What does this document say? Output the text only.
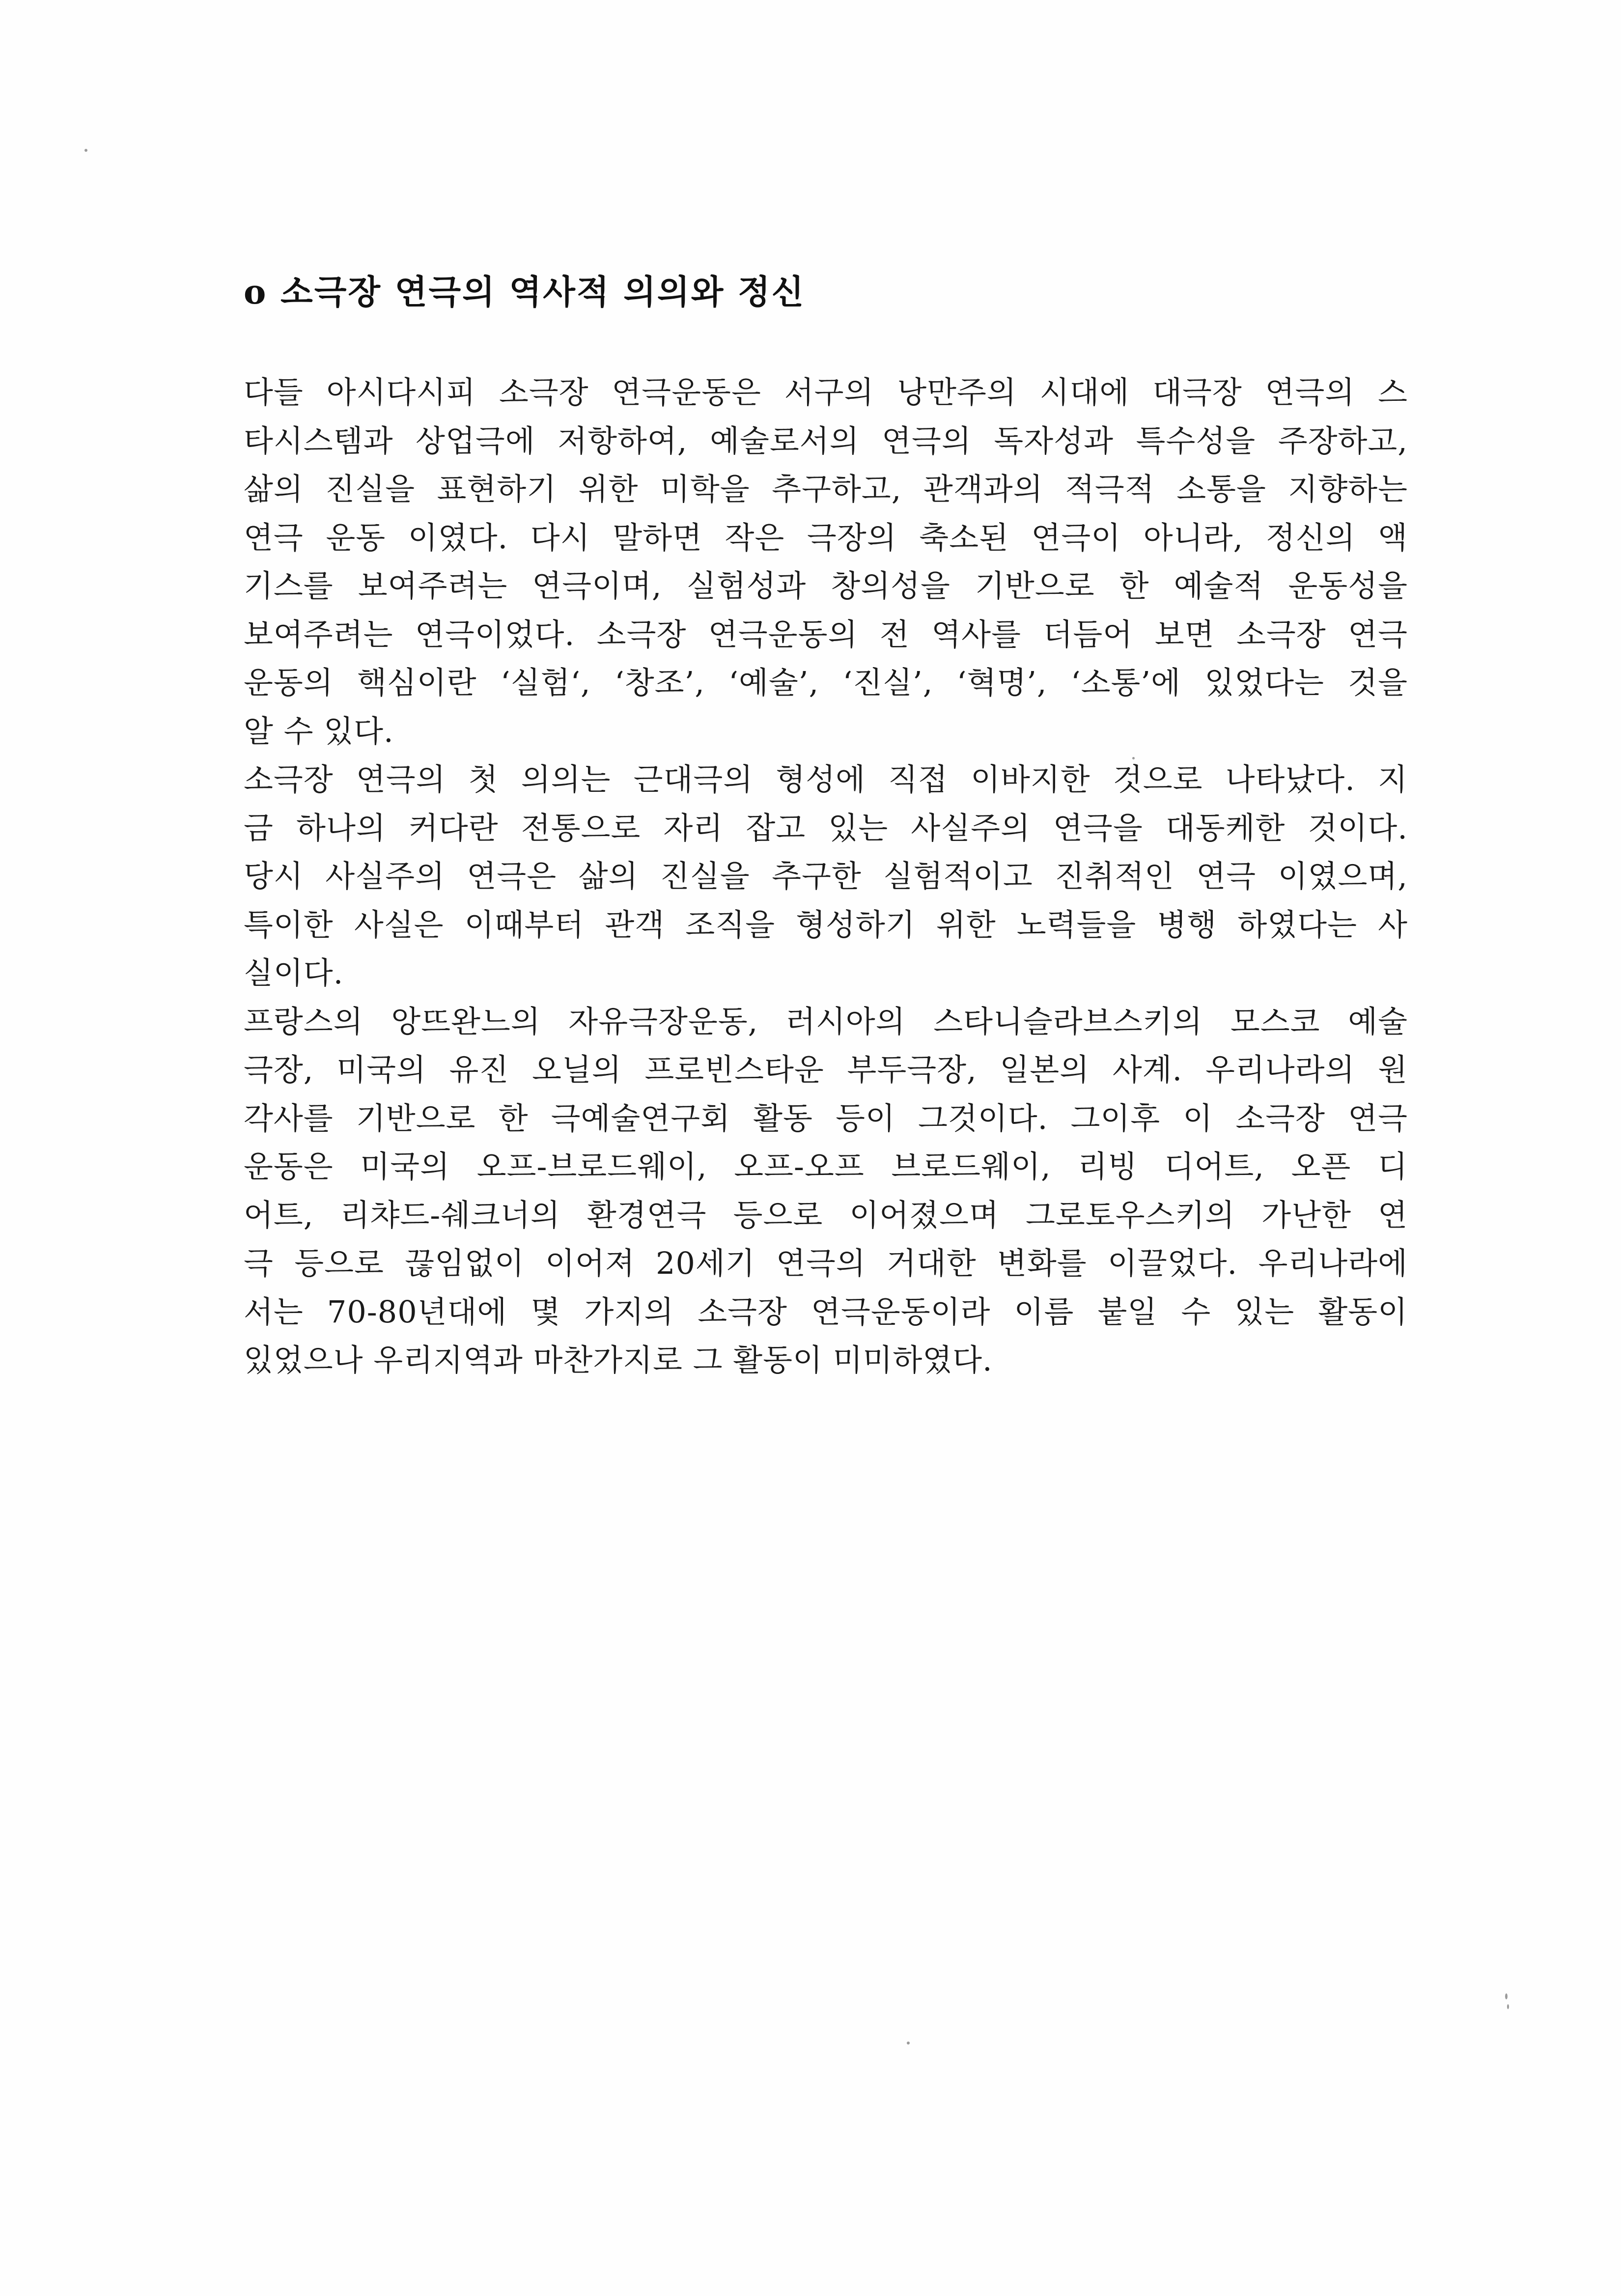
o 소극장 연극의 역사적 의의와 정신
다들 아시다시피 소극장 연극운동은 서구의 낭만주의 시대에 대극장 연극의 스
타시스템과 상업극에 저항하여, 예술로서의 연극의 독자성과 특수성을 주장하고,
삶의 진실을 표현하기 위한 미학을 추구하고, 관객과의 적극적 소통을 지향하는
연극 운동 이였다. 다시 말하면 작은 극장의 축소된 연극이 아니라, 정신의 액
기스를 보여주려는 연극이며, 실험성과 창의성을 기반으로 한 예술적 운동성을
보여주려는 연극이었다. 소극장 연극운동의 전 역사를 더듬어 보면 소극장 연극
운동의 핵심이란 ‘실험‘, ‘창조’, ‘예술’, ‘진실’, ‘혁명’, ‘소통’에 있었다는 것을
알 수 있다.
소극장 연극의 첫 의의는 근대극의 형성에 직접 이바지한 것으로 나타났다. 지
금 하나의 커다란 전통으로 자리 잡고 있는 사실주의 연극을 대동케한 것이다.
당시 사실주의 연극은 삶의 진실을 추구한 실험적이고 진취적인 연극 이였으며,
특이한 사실은 이때부터 관객 조직을 형성하기 위한 노력들을 병행 하였다는 사
실이다.
프랑스의 앙뜨완느의 자유극장운동, 러시아의 스타니슬라브스키의 모스코 예술
극장, 미국의 유진 오닐의 프로빈스타운 부두극장, 일본의 사계. 우리나라의 원
각사를 기반으로 한 극예술연구회 활동 등이 그것이다. 그이후 이 소극장 연극
운동은 미국의 오프-브로드웨이, 오프-오프 브로드웨이, 리빙 디어트, 오픈 디
어트, 리챠드-쉐크너의 환경연극 등으로 이어졌으며 그로토우스키의 가난한 연
극 등으로 끊임없이 이어져 20세기 연극의 거대한 변화를 이끌었다. 우리나라에
서는 70-80년대에 몇 가지의 소극장 연극운동이라 이름 붙일 수 있는 활동이
있었으나 우리지역과 마찬가지로 그 활동이 미미하였다.
